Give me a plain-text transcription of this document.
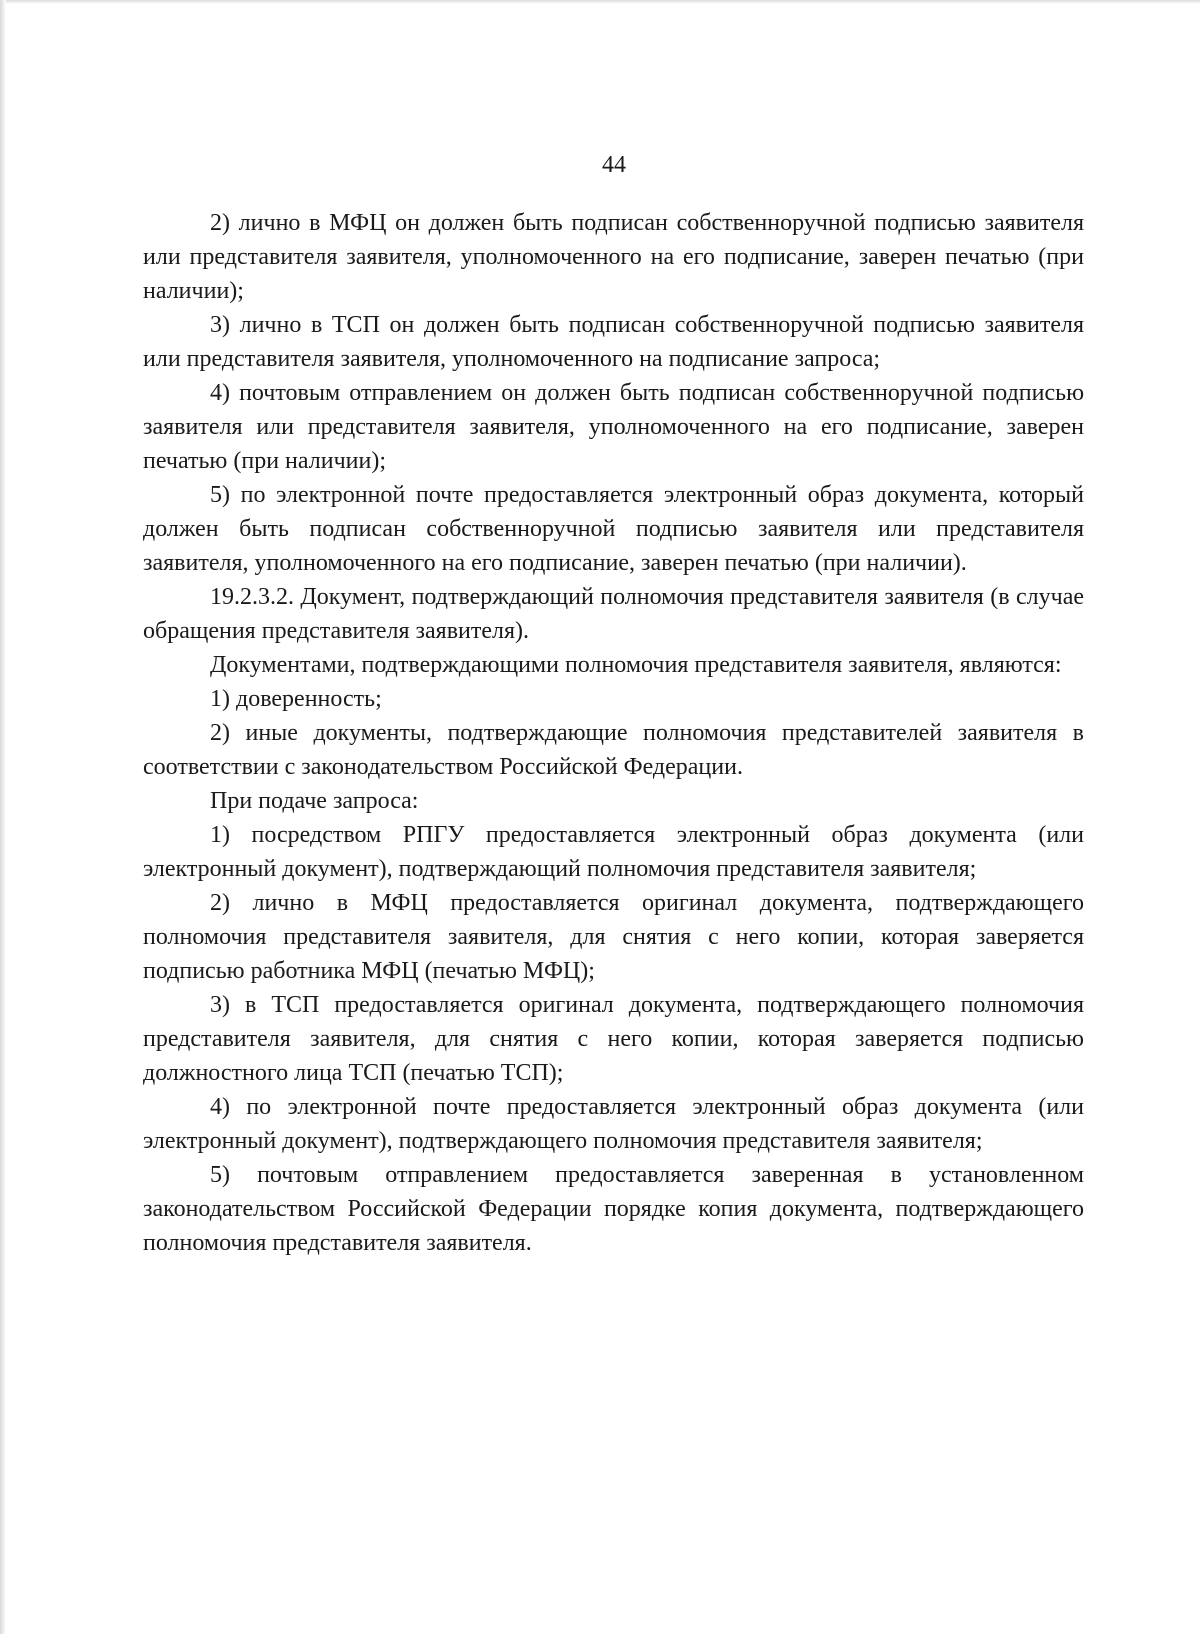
44

2) лично в МФЦ он должен быть подписан собственноручной подписью заявителя или представителя заявителя, уполномоченного на его подписание, заверен печатью (при наличии);

3) лично в ТСП он должен быть подписан собственноручной подписью заявителя или представителя заявителя, уполномоченного на подписание запроса;

4) почтовым отправлением он должен быть подписан собственноручной подписью заявителя или представителя заявителя, уполномоченного на его подписание, заверен печатью (при наличии);

5) по электронной почте предоставляется электронный образ документа, который должен быть подписан собственноручной подписью заявителя или представителя заявителя, уполномоченного на его подписание, заверен печатью (при наличии).

19.2.3.2. Документ, подтверждающий полномочия представителя заявителя (в случае обращения представителя заявителя).

Документами, подтверждающими полномочия представителя заявителя, являются:

1) доверенность;

2) иные документы, подтверждающие полномочия представителей заявителя в соответствии с законодательством Российской Федерации.

При подаче запроса:

1) посредством РПГУ предоставляется электронный образ документа (или электронный документ), подтверждающий полномочия представителя заявителя;

2) лично в МФЦ предоставляется оригинал документа, подтверждающего полномочия представителя заявителя, для снятия с него копии, которая заверяется подписью работника МФЦ (печатью МФЦ);

3) в ТСП предоставляется оригинал документа, подтверждающего полномочия представителя заявителя, для снятия с него копии, которая заверяется подписью должностного лица ТСП (печатью ТСП);

4) по электронной почте предоставляется электронный образ документа (или электронный документ), подтверждающего полномочия представителя заявителя;

5) почтовым отправлением предоставляется заверенная в установленном законодательством Российской Федерации порядке копия документа, подтверждающего полномочия представителя заявителя.
